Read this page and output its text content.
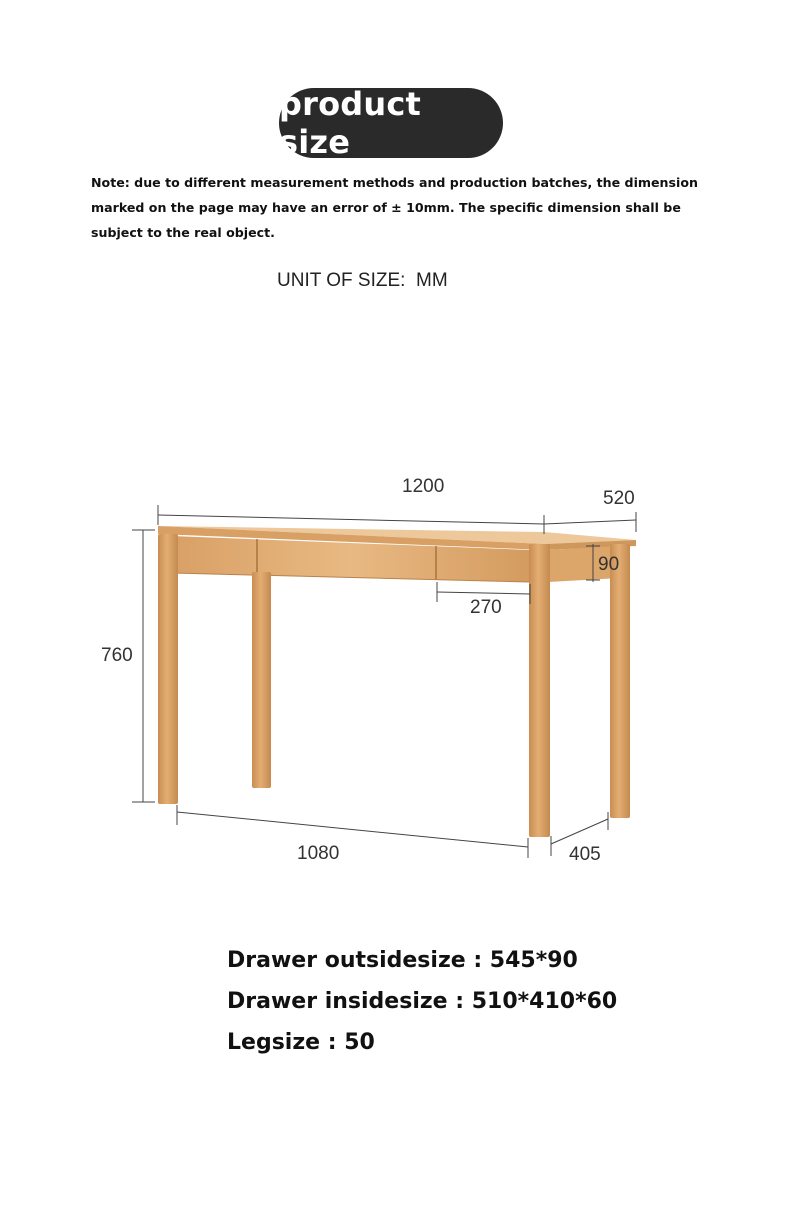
product size

Note: due to different measurement methods and production batches, the dimension marked on the page may have an error of ± 10mm. The specific dimension shall be subject to the real object.

UNIT OF SIZE: MM
1200
520
760
90
270
1080	405
Drawer outsidesize : 545*90
Drawer insidesize : 510*410*60
Legsize : 50
